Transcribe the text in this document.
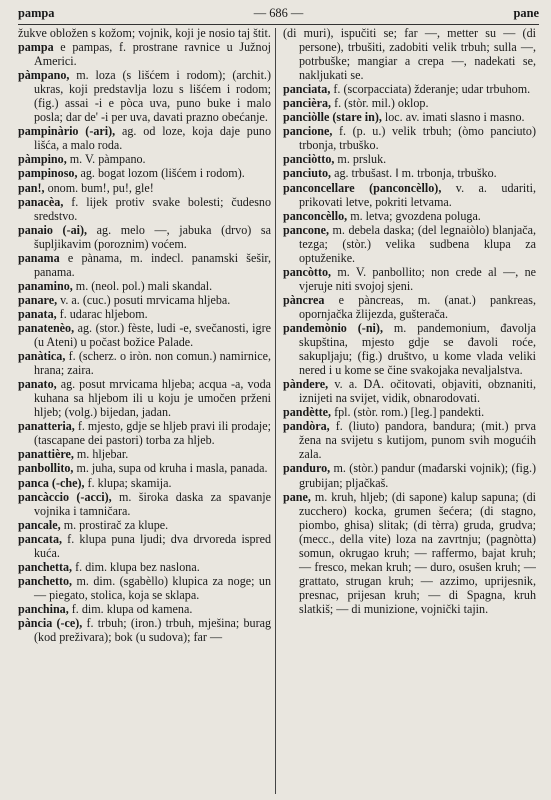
pampa	— 686 —	pane

žukve obložen s kožom; vojnik, koji je nosio taj štit.

pampa e pampas, f. prostrane ravnice u Južnoj Americi.

pàmpano, m. loza (s lišćem i rodom); (archit.) ukras, koji predstavlja lozu s lišćem i rodom; (fig.) assai -i e pòca uva, puno buke i malo posla; dar de' -i per uva, davati prazno obećanje.

pampinàrio (-ari), ag. od loze, koja daje puno lišća, a malo roda.

pàmpino, m. V. pàmpano.

pampinoso, ag. bogat lozom (lišćem i rodom).

pan!, onom. bum!, pu!, gle!

panacèa, f. lijek protiv svake bolesti; čudesno sredstvo.

panaio (-ai), ag. melo —, jabuka (drvo) sa šupljikavim (poroznim) voćem.

panama e pànama, m. indecl. panamski šešir, panama.

panamino, m. (neol. pol.) mali skandal.

panare, v. a. (cuc.) posuti mrvicama hljeba.

panata, f. udarac hljebom.

panatenèo, ag. (stor.) fèste, ludi -e, svečanosti, igre (u Ateni) u počast božice Palade.

panàtica, f. (scherz. o iròn. non comun.) namirnice, hrana; zaira.

panato, ag. posut mrvicama hljeba; acqua -a, voda kuhana sa hljebom ili u koju je umočen prženi hljeb; (volg.) bijedan, jadan.

panatteria, f. mjesto, gdje se hljeb pravi ili prodaje; (tascapane dei pastori) torba za hljeb.

panattière, m. hljebar.

panbollito, m. juha, supa od kruha i masla, panada.

panca (-che), f. klupa; skamija.

pancàccio (-acci), m. široka daska za spavanje vojnika i tamničara.

pancale, m. prostirač za klupe.

pancata, f. klupa puna ljudi; dva drvoreda ispred kuća.

panchetta, f. dim. klupa bez naslona.

panchetto, m. dim. (sgabèllo) klupica za noge; un — piegato, stolica, koja se sklapa.

panchina, f. dim. klupa od kamena.

pància (-ce), f. trbuh; (iron.) trbuh, mješina; burag (kod preživara); bok (u sudova); far —

(di muri), ispučiti se; far —, metter su — (di persone), trbušiti, zadobiti velik trbuh; sulla —, potrbuške; mangiar a crepa —, nadekati se, nakljukati se.

panciata, f. (scorpacciata) žderanje; udar trbuhom.

pancièra, f. (stòr. mil.) oklop.

panciòlle (stare in), loc. av. imati slasno i masno.

pancione, f. (p. u.) velik trbuh; (òmo panciuto) trbonja, trbuško.

panciòtto, m. prsluk.

panciuto, ag. trbušast. ‖ m. trbonja, trbuško.

panconcellare (panconcèllo), v. a. udariti, prikovati letve, pokriti letvama.

panconcèllo, m. letva; gvozdena poluga.

pancone, m. debela daska; (del legnaiòlo) blanjača, tezga; (stòr.) velika sudbena klupa za optuženike.

pancòtto, m. V. panbollito; non crede al —, ne vjeruje niti svojoj sjeni.

pàncrea e pàncreas, m. (anat.) pankreas, opornjačka žlijezda, gušterača.

pandemònio (-ni), m. pandemonium, đavolja skupština, mjesto gdje se đavoli roće, sakupljaju; (fig.) društvo, u kome vlada veliki nered i u kome se čine svakojaka nevaljalstva.

pàndere, v. a. DA. očitovati, objaviti, obznaniti, iznijeti na svijet, vidik, obnarodovati.

pandètte, fpl. (stòr. rom.) [leg.] pandekti.

pandòra, f. (liuto) pandora, bandura; (mit.) prva žena na svijetu s kutijom, punom svih mogućih zala.

panduro, m. (stòr.) pandur (mađarski vojnik); (fig.) grubijan; pljačkaš.

pane, m. kruh, hljeb; (di sapone) kalup sapuna; (di zucchero) kocka, grumen šećera; (di stagno, piombo, ghisa) slitak; (di tèrra) gruda, grudva; (mecc., della vite) loza na zavrtnju; (pagnòtta) somun, okrugao kruh; — raffermo, bajat kruh; — fresco, mekan kruh; — duro, osušen kruh; — grattato, strugan kruh; — azzimo, uprijesnik, presnac, prijesan kruh; — di Spagna, kruh slatkiš; — di munizione, vojnički tajin.
